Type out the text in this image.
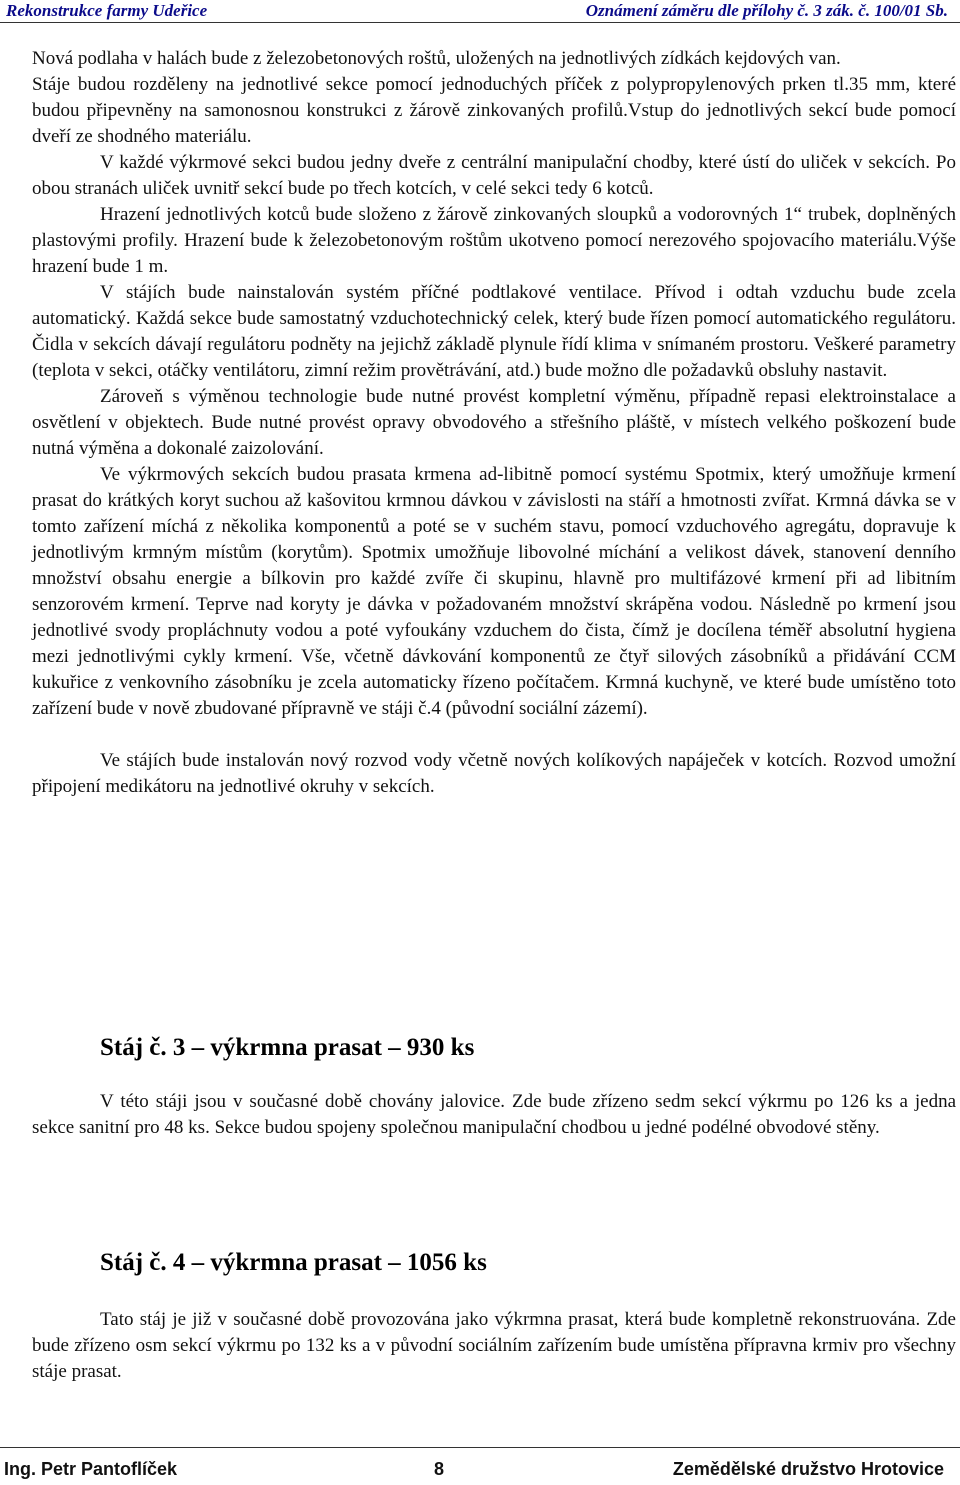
Rekonstrukce farmy Udeřice	Oznámení záměru dle přílohy č. 3 zák. č. 100/01 Sb.

Nová podlaha v halách bude z železobetonových roštů, uložených na jednotlivých zídkách kejdových van.

Stáje budou rozděleny na jednotlivé sekce pomocí jednoduchých příček z polypropylenových prken tl.35 mm, které budou připevněny na samonosnou konstrukci z žárově zinkovaných profilů.Vstup do jednotlivých sekcí bude pomocí dveří ze shodného materiálu.

V každé výkrmové sekci budou jedny dveře z centrální manipulační chodby, které ústí do uliček v sekcích. Po obou stranách uliček uvnitř sekcí bude po třech kotcích, v celé sekci tedy 6 kotců.

Hrazení jednotlivých kotců bude složeno z žárově zinkovaných sloupků a vodorovných 1“ trubek, doplněných plastovými profily. Hrazení bude k železobetonovým roštům ukotveno pomocí nerezového spojovacího materiálu.Výše hrazení bude 1 m.

V stájích bude nainstalován systém příčné podtlakové ventilace. Přívod i odtah vzduchu bude zcela automatický. Každá sekce bude samostatný vzduchotechnický celek, který bude řízen pomocí automatického regulátoru. Čidla v sekcích dávají regulátoru podněty na jejichž základě plynule řídí klima v snímaném prostoru. Veškeré parametry (teplota v sekci, otáčky ventilátoru, zimní režim provětrávání, atd.) bude možno dle požadavků obsluhy nastavit.

Zároveň s výměnou technologie bude nutné provést kompletní výměnu, případně repasi elektroinstalace a osvětlení v objektech. Bude nutné provést opravy obvodového a střešního pláště, v místech velkého poškození bude nutná výměna a dokonalé zaizolování.

Ve výkrmových sekcích budou prasata krmena ad-libitně pomocí systému Spotmix, který umožňuje krmení prasat do krátkých koryt suchou až kašovitou krmnou dávkou v závislosti na stáří a hmotnosti zvířat. Krmná dávka se v tomto zařízení míchá z několika komponentů a poté se v suchém stavu, pomocí vzduchového agregátu, dopravuje k jednotlivým krmným místům (korytům). Spotmix umožňuje libovolné míchání a velikost dávek, stanovení denního množství obsahu energie a bílkovin pro každé zvíře či skupinu, hlavně pro multifázové krmení při ad libitním senzorovém krmení. Teprve nad koryty je dávka v požadovaném množství skrápěna vodou. Následně po krmení jsou jednotlivé svody propláchnuty vodou a poté vyfoukány vzduchem do čista, čímž je docílena téměř absolutní hygiena mezi jednotlivými cykly krmení. Vše, včetně dávkování komponentů ze čtyř silových zásobníků a přidávání CCM kukuřice z venkovního zásobníku je zcela automaticky řízeno počítačem. Krmná kuchyně, ve které bude umístěno toto zařízení bude v nově zbudované přípravně ve stáji č.4 (původní sociální zázemí).

Ve stájích bude instalován nový rozvod vody včetně nových kolíkových napáječek v kotcích. Rozvod umožní připojení medikátoru na jednotlivé okruhy v sekcích.

Stáj č. 3 – výkrmna prasat – 930 ks

V této stáji jsou v současné době chovány jalovice. Zde bude zřízeno sedm sekcí výkrmu po 126 ks a jedna sekce sanitní pro 48 ks. Sekce budou spojeny společnou manipulační chodbou u jedné podélné obvodové stěny.

Stáj č. 4 – výkrmna prasat – 1056 ks

Tato stáj je již v současné době provozována jako výkrmna prasat, která bude kompletně rekonstruována. Zde bude zřízeno osm sekcí výkrmu po 132 ks a v původní sociálním zařízením bude umístěna přípravna krmiv pro všechny stáje prasat.

Ing. Petr Pantoflíček	8	Zemědělské družstvo Hrotovice
